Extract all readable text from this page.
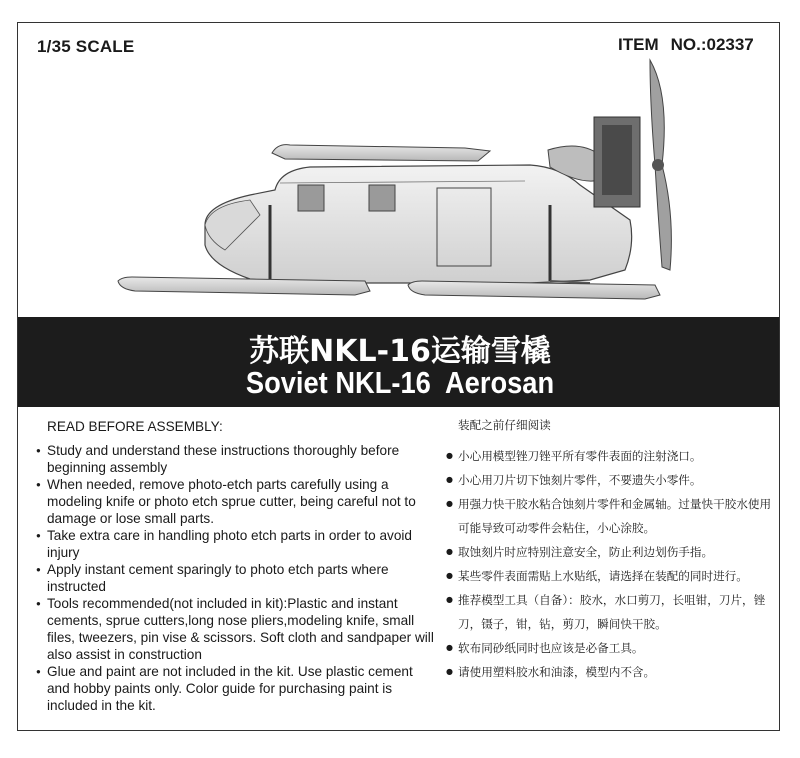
1/35 SCALE	ITEM NO.:02337
苏联NKL-16运输雪橇
Soviet NKL-16  Aerosan
READ BEFORE ASSEMBLY:
● Study and understand these instructions thoroughly before beginning assembly
● When needed, remove photo-etch parts carefully using a modeling knife or photo etch sprue cutter, being careful not to damage or lose small parts.
● Take extra care in handling photo etch parts in order to avoid injury
● Apply instant cement sparingly to photo etch parts where instructed
● Tools recommended(not included in kit):Plastic and instant cements, sprue cutters,long nose pliers,modeling knife, small files, tweezers, pin vise & scissors. Soft cloth and sandpaper will also assist in construction
● Glue and paint are not included in the kit. Use plastic cement and hobby paints only. Color guide for purchasing paint is included in the kit.
装配之前仔细阅读
● 小心用模型锉刀锉平所有零件表面的注射浇口。
● 小心用刀片切下蚀刻片零件，不要遗失小零件。
● 用强力快干胶水粘合蚀刻片零件和金属轴。过量快干胶水使用可能导致可动零件会粘住，小心涂胶。
● 取蚀刻片时应特别注意安全，防止利边划伤手指。
● 某些零件表面需贴上水贴纸，请选择在装配的同时进行。
● 推荐模型工具（自备）：胶水，水口剪刀，长咀钳，刀片，锉刀，镊子，钳，钻，剪刀，瞬间快干胶。
● 软布同砂纸同时也应该是必备工具。
● 请使用塑料胶水和油漆，模型内不含。
